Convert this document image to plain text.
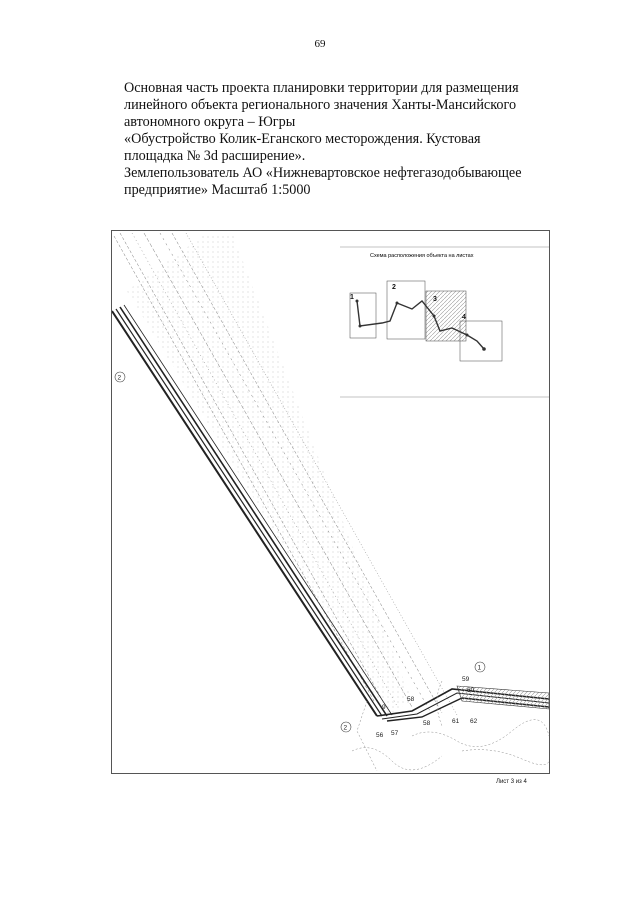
69

Основная часть проекта планировки территории для размещения

линейного объекта регионального значения Ханты-Мансийского

автономного округа – Югры

«Обустройство Колик-Еганского месторождения. Кустовая

площадка № 3d расширение».

Землепользователь АО «Нижневартовское нефтегазодобывающее

предприятие» Масштаб 1:5000

Схема расположения объекта на листах
1
2
3
4
2
1
2
9
58
56 57
58
59
60
61 62
Лист 3 из 4
